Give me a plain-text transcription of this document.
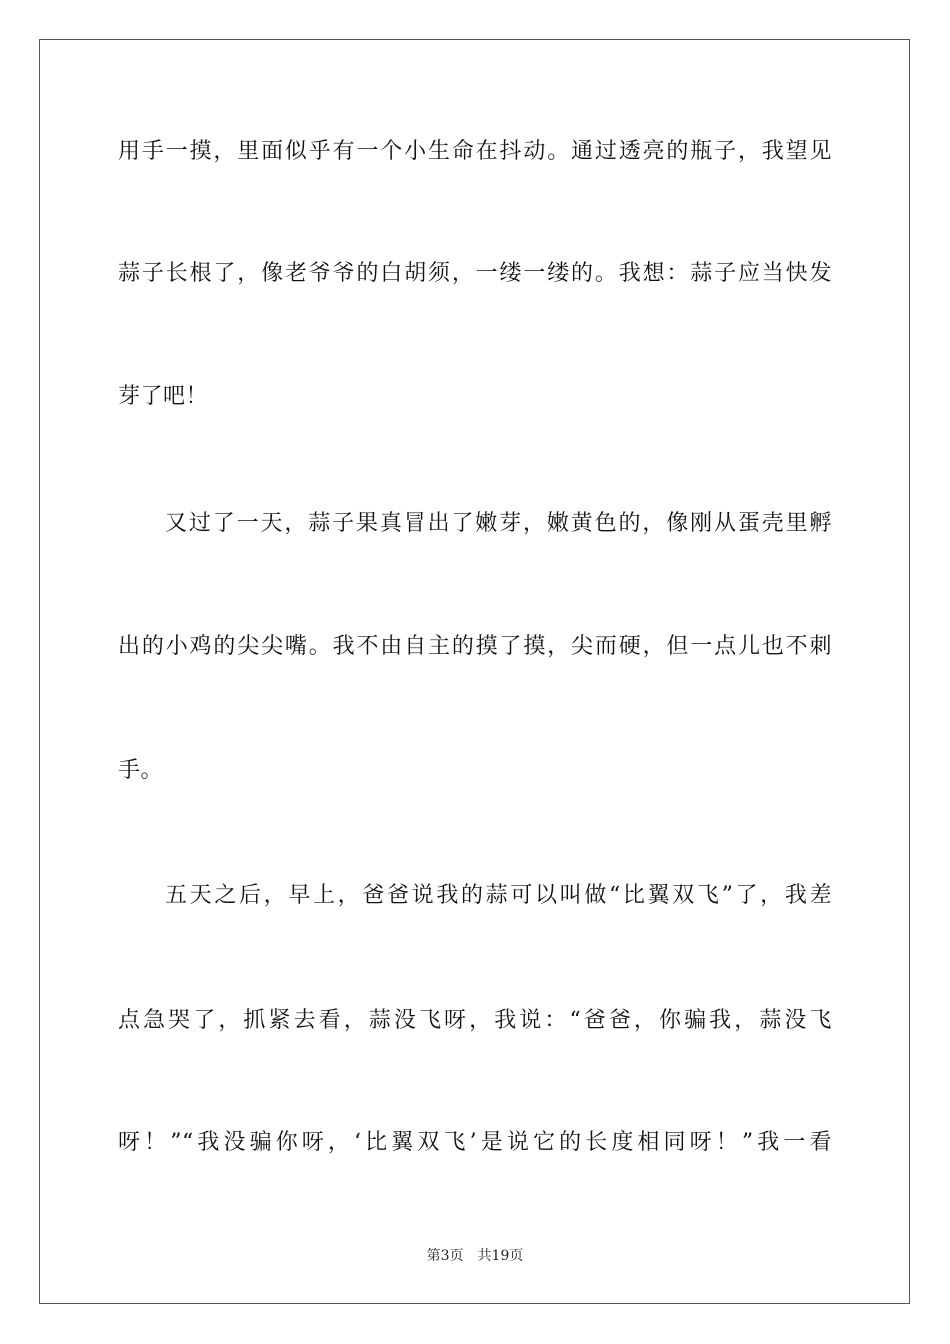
用手一摸，里面似乎有一个小生命在抖动。通过透亮的瓶子，我望见
蒜子长根了，像老爷爷的白胡须，一缕一缕的。我想：蒜子应当快发
芽了吧！
又过了一天，蒜子果真冒出了嫩芽，嫩黄色的，像刚从蛋壳里孵
出的小鸡的尖尖嘴。我不由自主的摸了摸，尖而硬，但一点儿也不刺
手。
五天之后，早上，爸爸说我的蒜可以叫做“比翼双飞”了，我差
点急哭了，抓紧去看，蒜没飞呀，我说：“爸爸，你骗我，蒜没飞
呀！”“我没骗你呀，‘比翼双飞’是说它的长度相同呀！”我一看
第3页 共19页
